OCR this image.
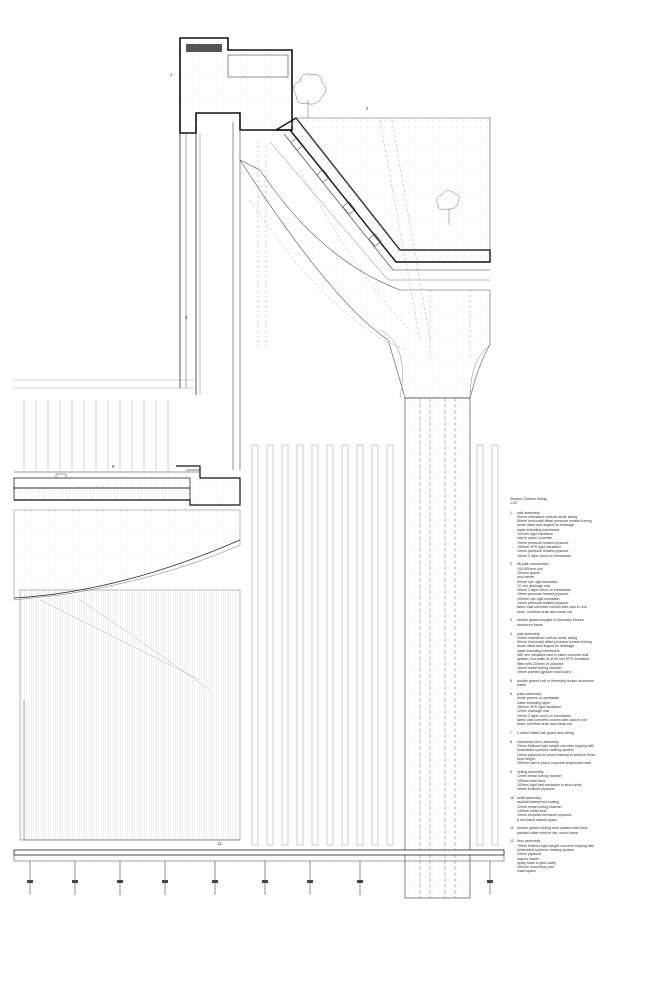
1
2
3
8
12
Section Outdoor dining
1:20
1	wall assembly:
20mm unfinished vertical cedar siding
50mm horizontal offset pressure treated furring
studs offset and angled for drainage
water shedding membrane
100mm rigid insulation
cast in place concrete
19mm pressure treated plywood
150mm XPS rigid insulation
19mm pressure treated plywood
16mm 2 layer torch on membrane
2	lily pad construction:
100-600mm soil
250mm gravel
root barrier
50mm xps rigid insulation
12 mm drainage mat
16mm 2 layer torch on membrane
19mm pressure treated plywood
150mm xps rigid insulation
19mm pressure treated plywood
fabric cast concrete column with cast in roof
drain, overflow drain and clean out
3	double glazed skylight in thermally broken
aluminum frame
4	wall assembly:
20mm unfinished vertical cedar siding
50mm horizontal offset pressure treated furring
studs offset and angled for drainage
water shedding membrane
380 mm insulated cast in place concrete wall
system; two walls of of 60 mm EPS insulation;
filled with 200mm of concrete
16mm metal furring channel
19mm painted gypsum wall board
5	double glazed unit in thermally broken aluminum
frame
6	patio assembly:
stone pavers on pedestals
water shedding layer
150mm XPS rigid insulation
12mm drainage mat
16mm 2 layer torch on membrane
fabric cast concrete column with cast in roof
drain, overflow drain and clean out
7	2 lotted milled oak guard and railing
8	mezzanine floor assembly:
75mm finished light weight concrete topping with
embedded hydronic heating system
19mm plywood on wood framing to achieve finish
floor height
200mm cast in place concrete suspended slab
9	ceiling assembly:
22mm metal furring channel
100mm steel stud
100mm rigid batt insulation in stud cavity
16mm finished plywood
10 soffit assembly:
asphalt waterproof coating
22mm metal furring channel
140mm metal stud
19mm recycled formwork plywood
6 mm back painted glass
11 double glazed folding door system with back
painted offset exterior tile, wood frame.
12 floor assembly:
75mm finished light weight concrete topping with
embedded hydronic heating system
19mm plywood
vapour barrier
spray foam in joist cavity
300mm wood floor joist
crawl space
